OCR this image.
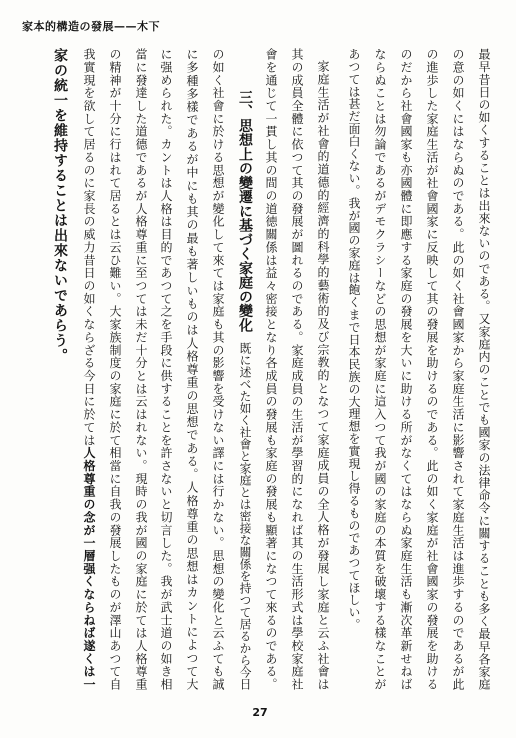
家本的構造の發展——木下
最早昔日の如くすることは出來ないのである。又家庭内のことでも國家の法律命令に關することも多く最早各家庭
の意の如くにはならぬのである。此の如く社會國家から家庭生活に影響されて家庭生活は進歩するのであるが此
の進歩した家庭生活が社會國家に反映して其の發展を助けるのである。此の如く家庭が社會國家の發展を助ける
のだから社會國家も亦國體に即應する家庭の發展を大いに助ける所がなくてはならぬ家庭生活も漸次革新せねば
ならぬことは勿論であるがデモクラシーなどの思想が家庭に這入つて我が國の家庭の本質を破壞する樣なことが
あつては甚だ面白くない。我が國の家庭は飽くまで日本民族の大理想を實現し得るものであつてほしい。
家庭生活が社會的道德的經濟的科學的藝術的及び宗教的となつて家庭成員の全人格が發展し家庭と云ふ社會は
其の成員全體に依つて其の發展が圖れるのである。家庭成員の生活が學習的になれば其の生活形式は學校家庭社
會を通じて一貫し其の間の道徳關係は益々密接となり各成員の發展も家庭の發展も顯著になつて來るのである。
三、思想上の變遷に基づく家庭の變化
既に述べた如く社會と家庭とは密接な關係を持つて居るから今日
の如く社會に於ける思想が變化して來ては家庭も其の影響を受けない譯には行かない。思想の變化と云ふても誠
に多種多樣であるが中にも其の最も著しいものは人格尊重の思想である。人格尊重の思想はカントによつて大
に强められた。カントは人格は目的であつて之を手段に供することを許さないと切言した。我が武士道の如き相
當に發達した道德であるが人格尊重に至つては未だ十分とは云はれない。現時の我が國の家庭に於ては人格尊重
の精神が十分に行はれて居るとは云ひ難い。大家族制度の家庭に於て相當に自我の發展したものが澤山あつて自
我實現を欲して居るのに家長の威力昔日の如くならざる今日に於ては人格尊重の念が一層强くならねば遂くは一
家の統一を維持することは出來ないであらう。
27
